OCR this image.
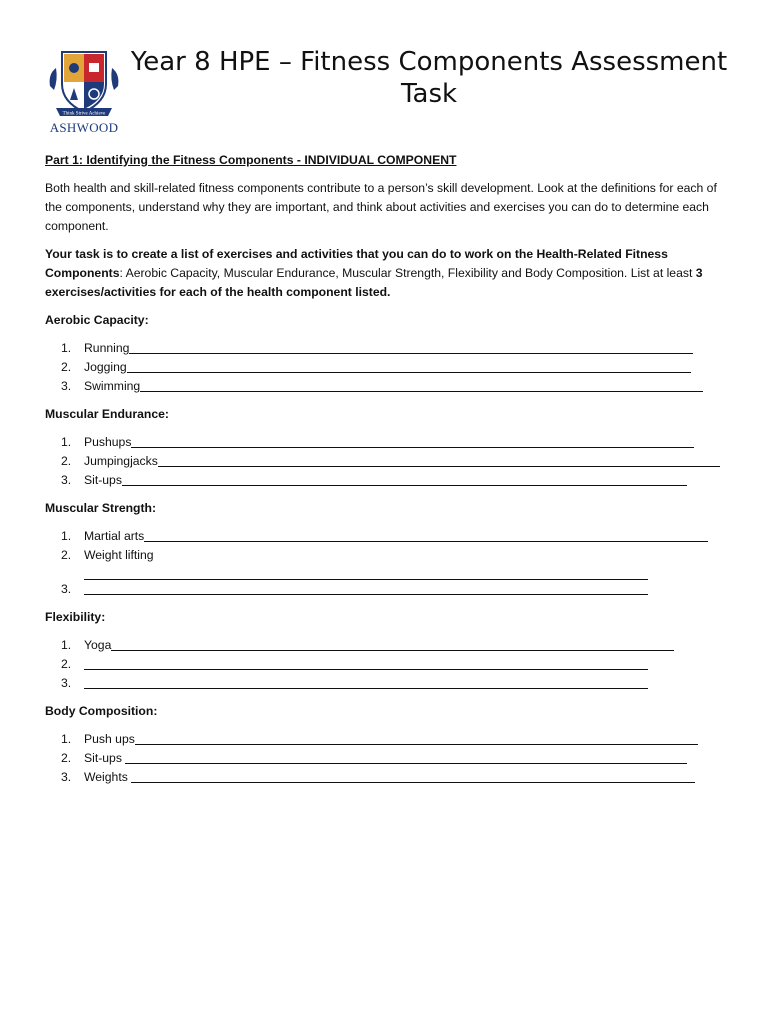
Think Strive Achieve
ASHWOOD
Year 8 HPE – Fitness Components Assessment Task
Part 1: Identifying the Fitness Components - INDIVIDUAL COMPONENT

Both health and skill-related fitness components contribute to a person’s skill development. Look at the definitions for each of the components, understand why they are important, and think about activities and exercises you can do to determine each component.

Your task is to create a list of exercises and activities that you can do to work on the Health-Related Fitness Components: Aerobic Capacity, Muscular Endurance, Muscular Strength, Flexibility and Body Composition. List at least 3 exercises/activities for each of the health component listed.

Aerobic Capacity:
1.	Running
2.	Jogging
3.	Swimming
Muscular Endurance:
1.	Pushups
2.	Jumpingjacks
3.	Sit-ups
Muscular Strength:
1.	Martial arts
2.	Weight lifting
3.
Flexibility:
1.	Yoga
2.
3.
Body Composition:
1.	Push ups
2.	Sit-ups
3.	Weights
